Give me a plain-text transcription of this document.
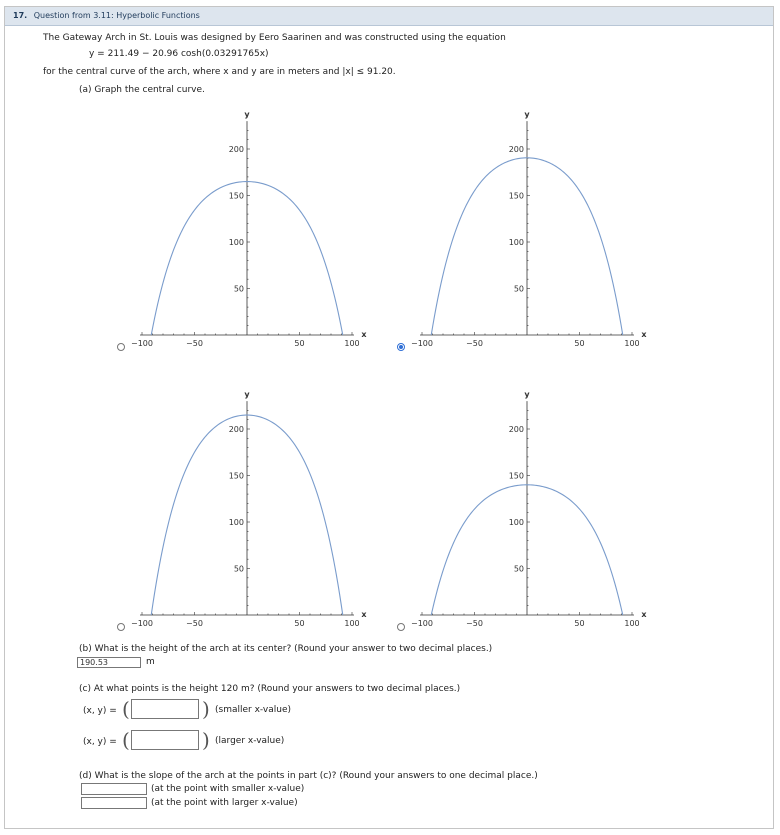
17. Question from 3.11: Hyperbolic Functions
The Gateway Arch in St. Louis was designed by Eero Saarinen and was constructed using the equation
y = 211.49 − 20.96 cosh(0.03291765x)
for the central curve of the arch, where x and y are in meters and |x| ≤ 91.20.
(a) Graph the central curve.
−100	−50	50	100
50
100
150
200
x
y
−100	−50	50	100
50
100
150
200
x
y
−100	−50	50	100
50
100
150
200
x
y
−100	−50	50	100
50
100
150
200
x
y
(b) What is the height of the arch at its center? (Round your answer to two decimal places.)
190.53
m
(c) At what points is the height 120 m? (Round your answers to two decimal places.)
(x, y) = (	) (smaller x-value)
(x, y) = (	) (larger x-value)
(d) What is the slope of the arch at the points in part (c)? (Round your answers to one decimal place.)
(at the point with smaller x-value)
(at the point with larger x-value)
